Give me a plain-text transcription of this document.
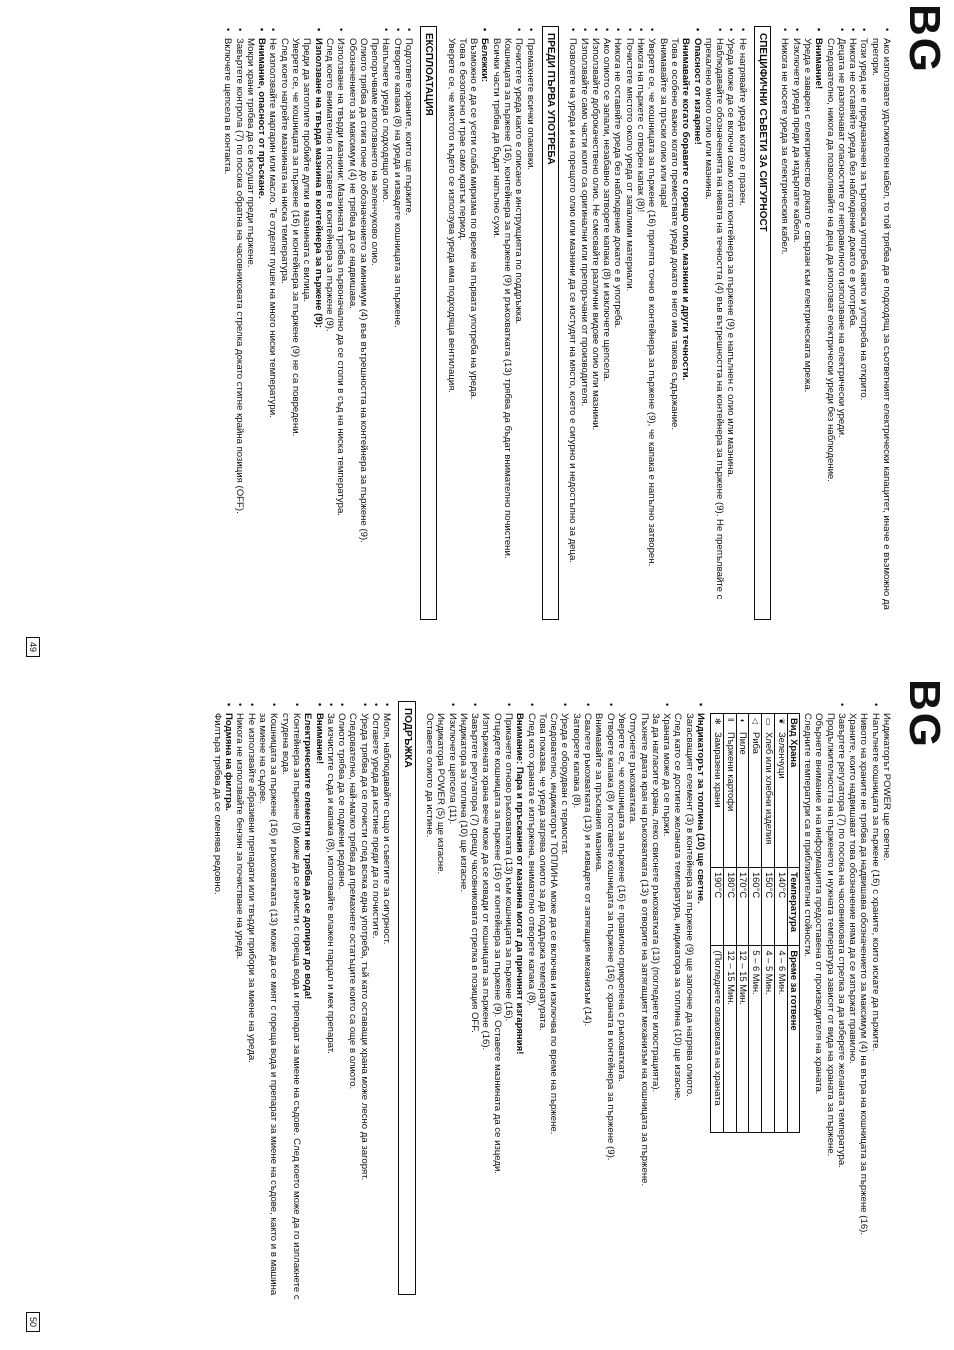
BG
• Ако използвате удължителен кабел, то той трябва да е подходящ за съответният електрически капацитет, иначе е възможно да прегори.
• Този уред не е предназначен за търговска употреба както и употреба на открито.
• Никога не оставяйте уреда без наблюдение докато е в употреба.
• Децата не разпознават опасностите от неправилното използване на електрически уреди.
Следователно, никога да позволявайте на деца да използват електрически уреди без наблюдение.
• Внимание!
Уреда е заварен с електричество докато е свързан към електрическата мрежа.
• Изключете уреда преди да издърпате кабела.
• Никога не носете уреда за електрическия кабел.
СПЕЦИФИЧНИ СЪВЕТИ ЗА СИГУРНОСТ
• Не нагрявайте уреда когато е празен.
• Уреда може да се включи само когато контейнера за пържене (9) е напълнен с олио или мазнина.
• Наблюдавайте обозначенията на нивата на течността (4) във вътрешността на контейнера за пържене (9). Не препълвайте с прекалено много олио или мазнина.
• Опасност от изгаряне!
Внимавайте когато боравите с горещо олио, мазнини и други течности.
Това е особено важно когато премествате уреда докато в него има такова съдържание.
Внимавайте за пръски олио или пара!
• Уверете се, че кошницата за пържене (16) прилята точно в контейнера за пържене (9), че капака е напълно затворен.
• Никога на пържете с отворен капак (8)!
• Почистете мястото около уреда от запалими материали.
• Никога не оставяйте уреда без наблюдение докато е в употреба.
• Ако олиото се запали, незабавно затворете капака (8) и изключете щепсела.
• Използвайте доброкачествено олио. Не смесвайте различни видове олио или мазнини.
• Използвайте само части които са оригинални или препоръчани от производителя.
• Позволете на уреда и на горещото олио или мазнини да се изстудят на място, което е сигурно и недостъпно за деца.
ПРЕДИ ПЪРВА УПОТРЕБА
• Премахнете всички опаковки.
• Почистете уреда както е описано в инструкцията по поддръжка.
Кошницата за пържене (16), контейнера за пържене (9) и ръкохватката (13) трябва да бъдат внимателно почистени.
Всички части трябва да бъдат напълно сухи.
• Бележки:
Възможно е да се усети слаба миризма по време на първата употреба на уреда.
Това е безопасно и трае само кратък период.
Уверете се, че мястото където се използува уреда има подходяща вентилация.
ЕКСПЛОАТАЦИЯ
• Подгответе храните, които ще пържите.
• Отворете капака (8) на уреда и извадете кошницата за пържене.
• Напълнете уреда с подходящо олио.
Препоръчваме използването на зеленчуково олио.
Олиото трябва да стига поне до обозначението за минимум (4) във вътрешността на контейнера за пържене (9).
Обозначението за максимум (4) не трябва да се надвишава.
• Използване на твърди мазнини: Мазнината трябва първоначално да се стопи в съд на ниска температура.
След което внимателно я поставете в контейнера за пържене (9).
• Използване на твърда мазнина в контейнера за пържене (9):
Преди да затоплите пробийте дупки в мазнината с вилица.
Уверете се, че кошницата за пържене (16) и контейнера за пържене (9) не са повредени.
След което нагрейте мазнината на ниска температура.
• Не използвайте маргарин или масло. Те отделят пушек на много ниски температури.
• Внимание, опасност от пръскане.
Мокри храни трябва да се изсушат преди пържене.
• Завъртете контрола (7) по посока обратна на часовниковата стрелка докато стигне крайна позиция (OFF).
• Включете щепсела в контакта.
49
BG
Индикаторът POWER ще светне.
• Напълнете кошницата за пържене (16) с храните, които искате да пържите.
Нивото на храните не трябва да надвишава обозначението за максимум (4) на вътрa на кошницата за пържене (16).
Храните, които надвишават това обозначение няма да се изпържат правилно.
• Завъртете регулатора (7) по посока на часовниковата стрелка за да изберете желаната температура.
Продължителността на пърженето и нужната температура зависят от вида на храната за пържене.
Обърнете внимание и на информацията предоставена от производителя на храната.
Следните температури са в приблизителни стойности.
Вид Храна	Температура	Време за готвене
❦Зеленчуци	140°C	4 – 6 Мин.
▭Хлеб или хлебни изделия	150°C	4 – 5 Мин.
◁Риба	160°C	5 – 6 Мин.
◖Пиле	170°C	12 – 15 Мин.
‖Пържени картофи	180°C	12 – 15 Мин.
✻Замразени храни	190°C	(Погледнете опаковката на храната
• Индикаторът за топлина (10) ще светне.
Загасващият елемент (3) в контейнера за пържене (9) ще започне да нагрява олиото.
След като се достигне желаната температура, индикатора за топлина (10) ще изгасне.
• Храната може да се пържи.
За да нагласите храна, леко свиснете ръкохватката (13) (погледнете илюстрацията).
Пъхнете двата края на ръкохватката (13) в отворите на затягащият механизъм на кошницата за пържене.
Отпуснете ръкохватката.
Уверете се, че кошницата за пържене (16) е правилно прикрепена с ръкохватката.
• Отворете капака (8) и поставете кошницата за пържене (16) с храната в контейнера за пържене (9).
Внимавайте за пръскания мазнина.
• Свалете ръкохватката (13) и я извадете от затягащия механизъм (14).
Затворете капака (8).
• Уреда е оборудван с термостат.
Следователно, индикаторът ТОПЛИНА може да се включва и изключва по време на пържене.
Това показва, че уреда загрява олиото за да поддържа температурата.
• След като храната е изпържена, внимателно отворете капака (8).
Внимание: Пара и пръскания от мазнина могат да причинят изгаряния!
• Прикачете отново ръкохватката (13) към кошницата за пържене (16).
Отцедете кошницата за пържене (16) от контейнера за пържене (9). Оставете мазнината да се изцеди.
Изпържената храна вече може да се извади от кошницата за пържене (16).
• Завъртете регулатора (7) срещу часовниковата стрелка в позиция OFF.
Индикатора за топлина (10) ще изгасне.
• Изключете щепсела (11).
Индикатора POWER (5) ще изгасне.
Оставете олиото да истине.
ПОДРЪЖКА
• Моля, наблюдавайте също и съветите за сигурност.
• Оставете уреда да изстине преди да го почистите.
• Уреда трябва да се почисти след всяка една употреба, тъй като оставащи храна може лесно да загорят.
Следователно, най-малко трябва да премахнете остатъците които са още в олиото.
• Олиото трябва да се подмени редовно.
• За изчистите съда и капака (8), използвайте влажен парцал и мек препарат.
• Внимание!
Електрическите елементи не трябва да се допират до вода!
• Контейнера за пържене (9) може да се изчисти с гореща вода и препарат за миене на съдове. След което може да го изплакнете с студена вода.
• Кошницата за пържене (16) и ръкохватката (13) може да се мият с гореща вода и препарат за миене на съдове, както и в машина за миене на съдове.
• Не използвайте абразивни препарати или твърди прибори за миене на уреда.
• Никога не използвайте бензин за почистване на уреда.
• Подмяна на филтра.
Филтъра трябва да се сменява редовно.
50
